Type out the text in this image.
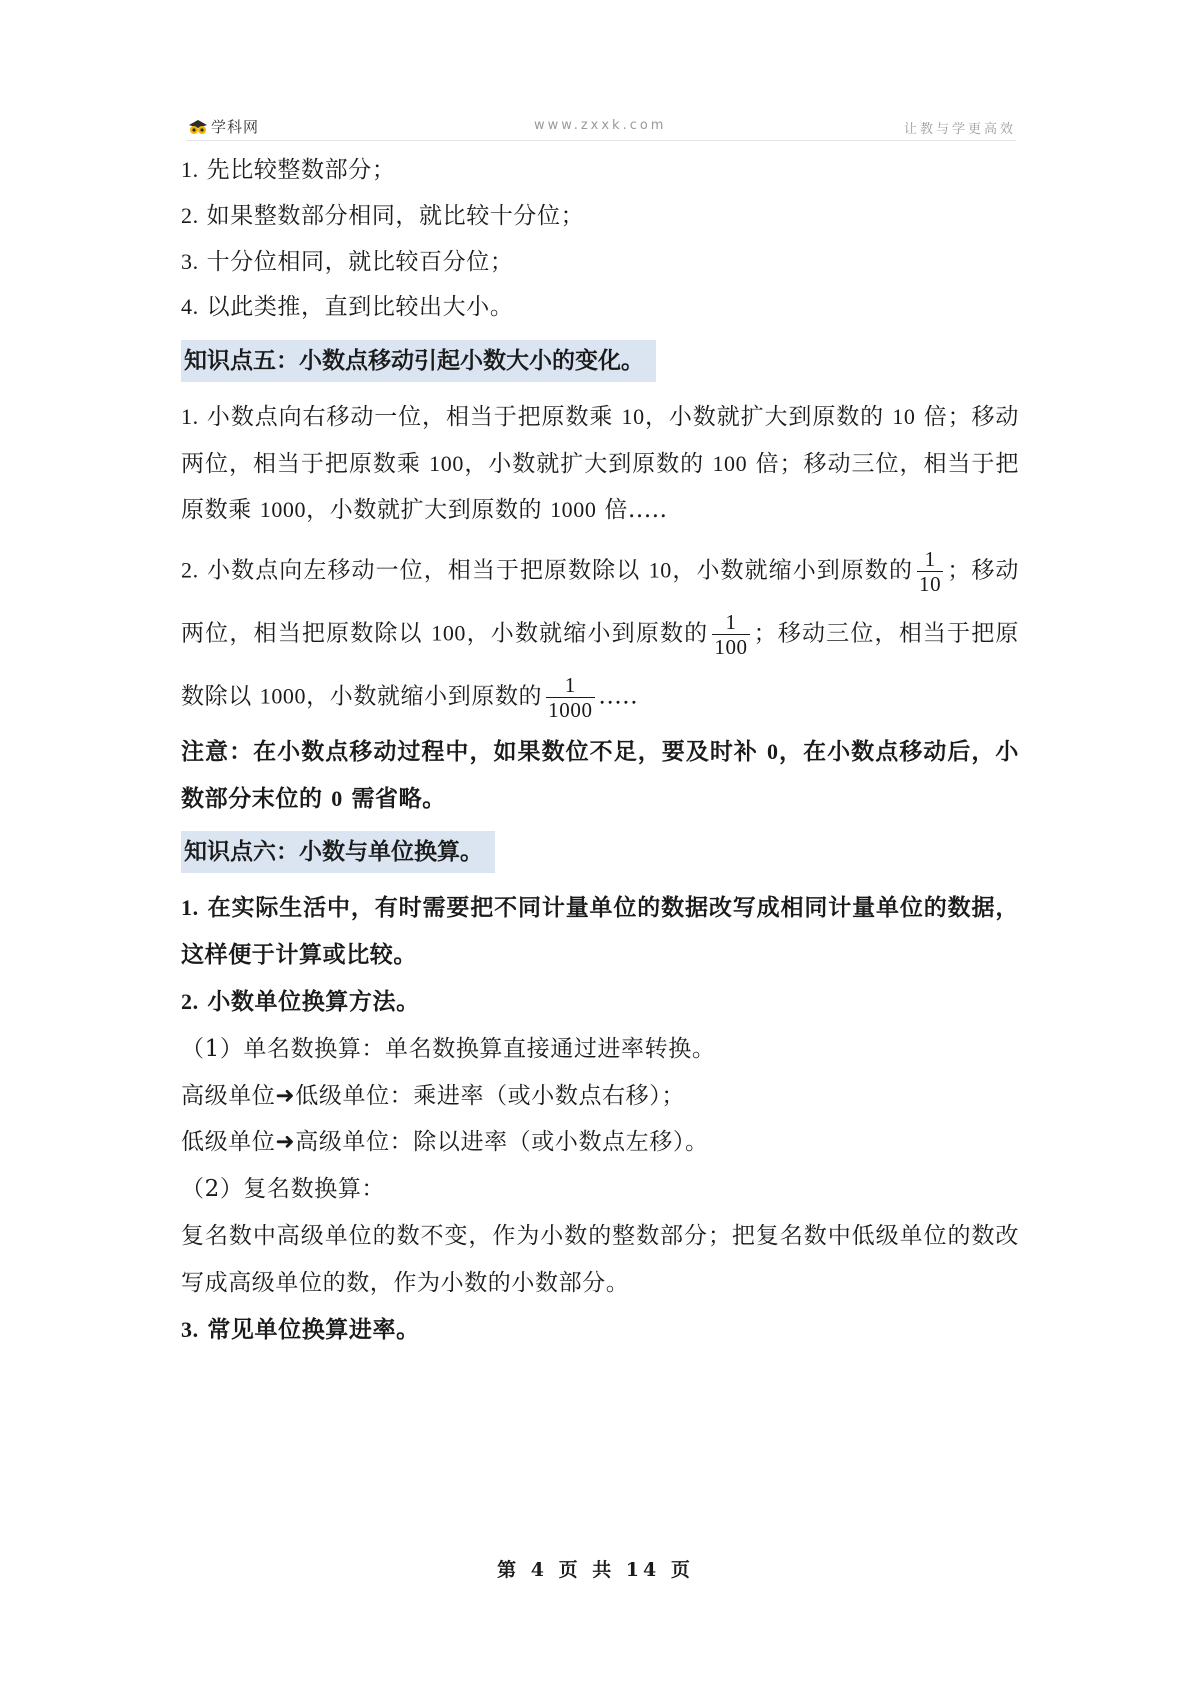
学科网	www.zxxk.com	让教与学更高效
1. 先比较整数部分；
2. 如果整数部分相同，就比较十分位；
3. 十分位相同，就比较百分位；
4. 以此类推，直到比较出大小。
知识点五：小数点移动引起小数大小的变化。
1. 小数点向右移动一位，相当于把原数乘 10，小数就扩大到原数的 10 倍；移动
两位，相当于把原数乘 100，小数就扩大到原数的 100 倍；移动三位，相当于把
原数乘 1000，小数就扩大到原数的 1000 倍.....
2. 小数点向左移动一位，相当于把原数除以 10，小数就缩小到原数的 $\frac{1}{10}$ ；移动
两位，相当把原数除以 100，小数就缩小到原数的 $\frac{1}{100}$ ；移动三位，相当于把原
数除以 1000，小数就缩小到原数的 $\frac{1}{1000}$ .....
注意：在小数点移动过程中，如果数位不足，要及时补 0，在小数点移动后，小
数部分末位的 0 需省略。
知识点六：小数与单位换算。
1. 在实际生活中，有时需要把不同计量单位的数据改写成相同计量单位的数据，
这样便于计算或比较。
2. 小数单位换算方法。
（1）单名数换算：单名数换算直接通过进率转换。
高级单位➜低级单位：乘进率（或小数点右移）；
低级单位➜高级单位：除以进率（或小数点左移）。
（2）复名数换算：
复名数中高级单位的数不变，作为小数的整数部分；把复名数中低级单位的数改
写成高级单位的数，作为小数的小数部分。
3. 常见单位换算进率。
第 4 页 共 14 页
